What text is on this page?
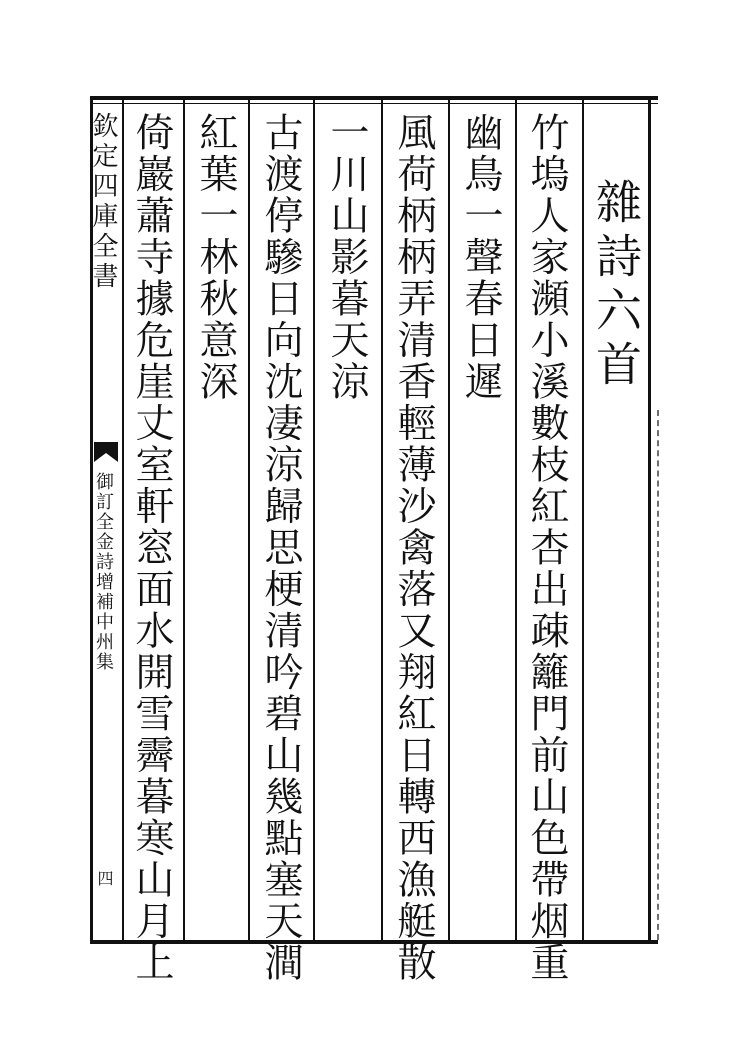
雜詩六首
竹塢人家瀕小溪數枝紅杏出疎籬門前山色帶烟重
幽鳥一聲春日遲
風荷柄柄弄清香輕薄沙禽落又翔紅日轉西漁艇散
一川山影暮天涼
古渡停驂日向沈凄涼歸思梗清吟碧山幾點塞天澗
紅葉一林秋意深
倚巖蕭寺據危崖丈室軒窓面水開雪霽暮寒山月上
欽定四庫全書
御訂全金詩增補中州集
四
